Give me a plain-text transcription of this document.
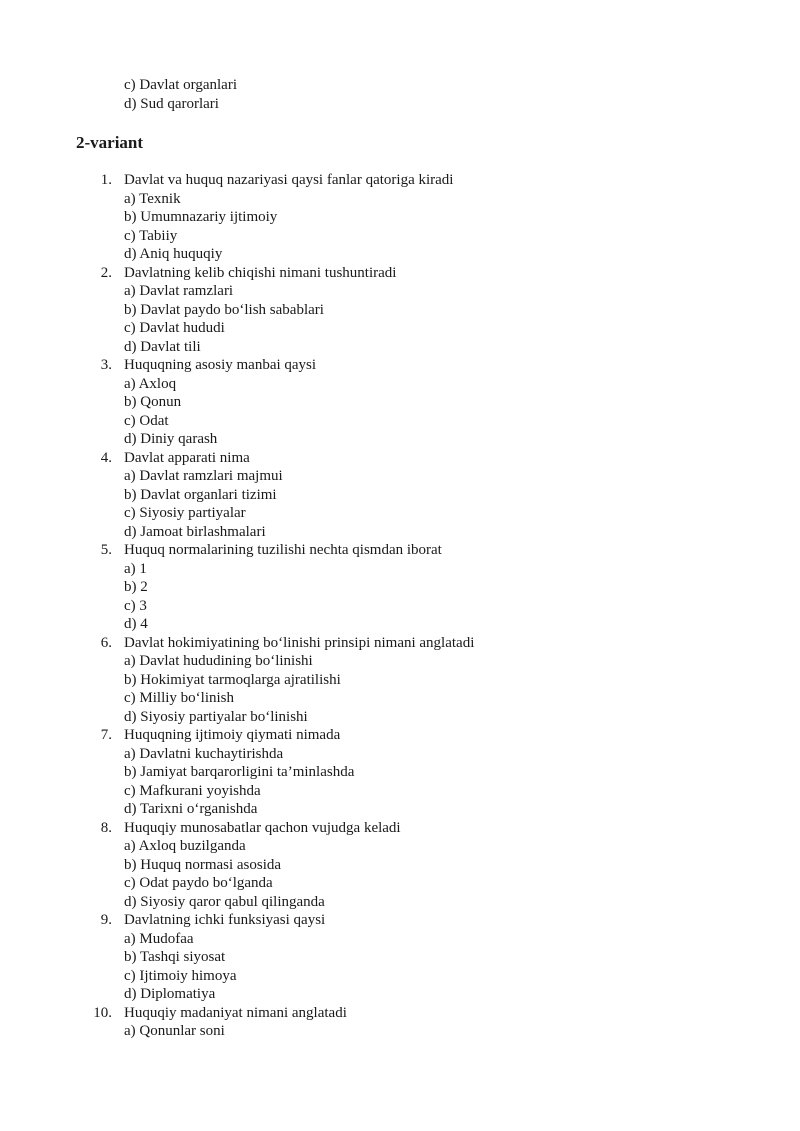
c) Davlat organlari
d) Sud qarorlari
2-variant
1. Davlat va huquq nazariyasi qaysi fanlar qatoriga kiradi
a) Texnik
b) Umumnazariy ijtimoiy
c) Tabiiy
d) Aniq huquqiy
2. Davlatning kelib chiqishi nimani tushuntiradi
a) Davlat ramzlari
b) Davlat paydo bo‘lish sabablari
c) Davlat hududi
d) Davlat tili
3. Huquqning asosiy manbai qaysi
a) Axloq
b) Qonun
c) Odat
d) Diniy qarash
4. Davlat apparati nima
a) Davlat ramzlari majmui
b) Davlat organlari tizimi
c) Siyosiy partiyalar
d) Jamoat birlashmalari
5. Huquq normalarining tuzilishi nechta qismdan iborat
a) 1
b) 2
c) 3
d) 4
6. Davlat hokimiyatining bo‘linishi prinsipi nimani anglatadi
a) Davlat hududining bo‘linishi
b) Hokimiyat tarmoqlarga ajratilishi
c) Milliy bo‘linish
d) Siyosiy partiyalar bo‘linishi
7. Huquqning ijtimoiy qiymati nimada
a) Davlatni kuchaytirishda
b) Jamiyat barqarorligini ta’minlashda
c) Mafkurani yoyishda
d) Tarixni o‘rganishda
8. Huquqiy munosabatlar qachon vujudga keladi
a) Axloq buzilganda
b) Huquq normasi asosida
c) Odat paydo bo‘lganda
d) Siyosiy qaror qabul qilinganda
9. Davlatning ichki funksiyasi qaysi
a) Mudofaa
b) Tashqi siyosat
c) Ijtimoiy himoya
d) Diplomatiya
10. Huquqiy madaniyat nimani anglatadi
a) Qonunlar soni
